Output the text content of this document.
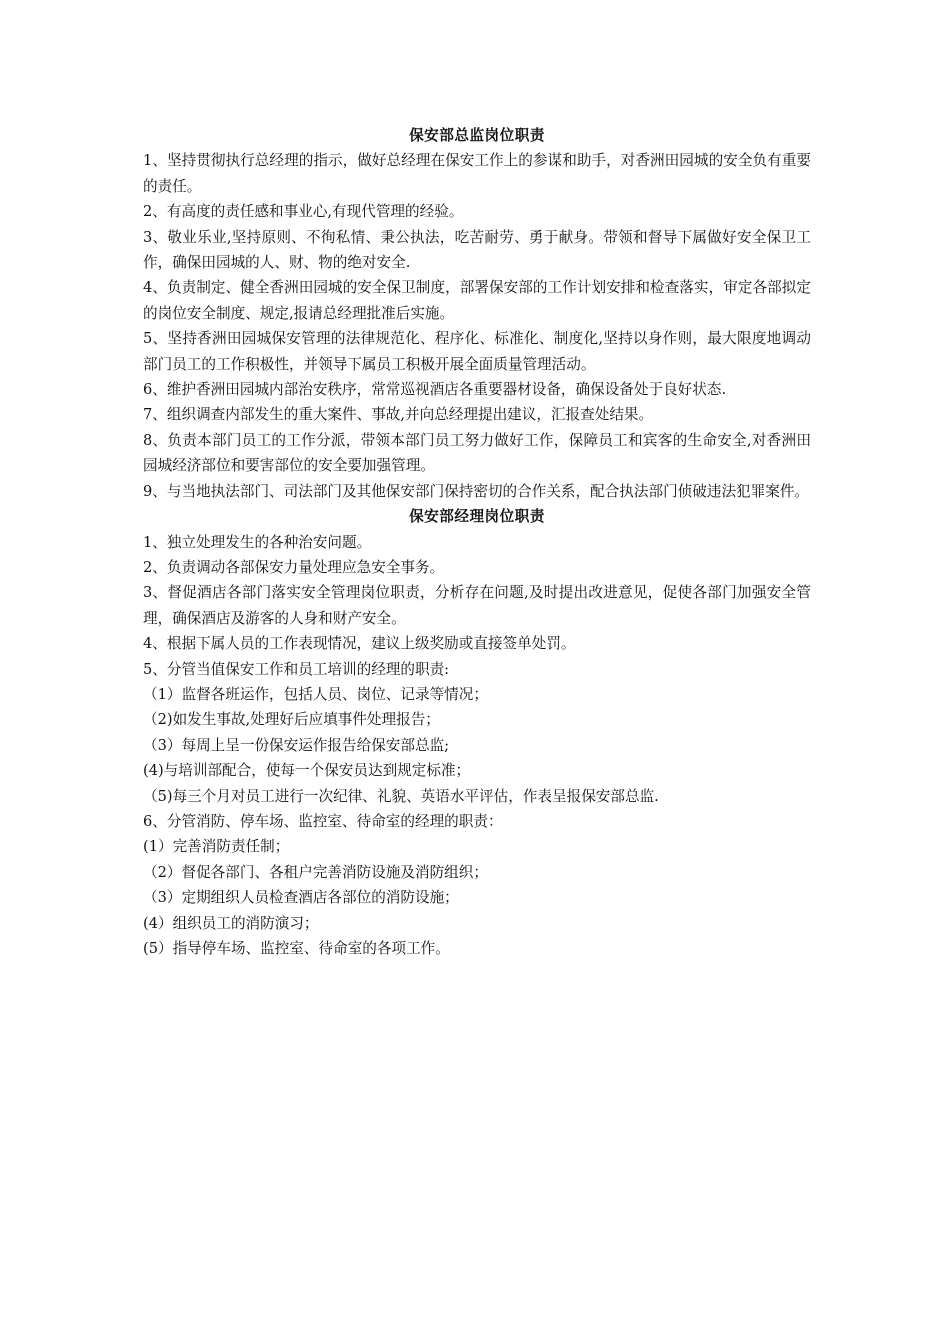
保安部总监岗位职责

1、坚持贯彻执行总经理的指示，做好总经理在保安工作上的参谋和助手，对香洲田园城的安全负有重要的责任。

2、有高度的责任感和事业心,有现代管理的经验。

3、敬业乐业,坚持原则、不徇私情、秉公执法，吃苦耐劳、勇于献身。带领和督导下属做好安全保卫工作，确保田园城的人、财、物的绝对安全.

4、负责制定、健全香洲田园城的安全保卫制度，部署保安部的工作计划安排和检查落实，审定各部拟定的岗位安全制度、规定,报请总经理批准后实施。

5、坚持香洲田园城保安管理的法律规范化、程序化、标准化、制度化,坚持以身作则，最大限度地调动部门员工的工作积极性，并领导下属员工积极开展全面质量管理活动。

6、维护香洲田园城内部治安秩序，常常巡视酒店各重要器材设备，确保设备处于良好状态.

7、组织调查内部发生的重大案件、事故,并向总经理提出建议，汇报查处结果。

8、负责本部门员工的工作分派，带领本部门员工努力做好工作，保障员工和宾客的生命安全,对香洲田园城经济部位和要害部位的安全要加强管理。

9、与当地执法部门、司法部门及其他保安部门保持密切的合作关系，配合执法部门侦破违法犯罪案件。

保安部经理岗位职责

1、独立处理发生的各种治安问题。

2、负责调动各部保安力量处理应急安全事务。

3、督促酒店各部门落实安全管理岗位职责，分析存在问题,及时提出改进意见，促使各部门加强安全管理，确保酒店及游客的人身和财产安全。

4、根据下属人员的工作表现情况，建议上级奖励或直接签单处罚。

5、分管当值保安工作和员工培训的经理的职责:

（1）监督各班运作，包括人员、岗位、记录等情况；

（2)如发生事故,处理好后应填事件处理报告；

（3）每周上呈一份保安运作报告给保安部总监;

(4)与培训部配合，使每一个保安员达到规定标准；

（5)每三个月对员工进行一次纪律、礼貌、英语水平评估，作表呈报保安部总监.

6、分管消防、停车场、监控室、待命室的经理的职责：

(1）完善消防责任制；

（2）督促各部门、各租户完善消防设施及消防组织；

（3）定期组织人员检查酒店各部位的消防设施；

(4）组织员工的消防演习；

(5）指导停车场、监控室、待命室的各项工作。
